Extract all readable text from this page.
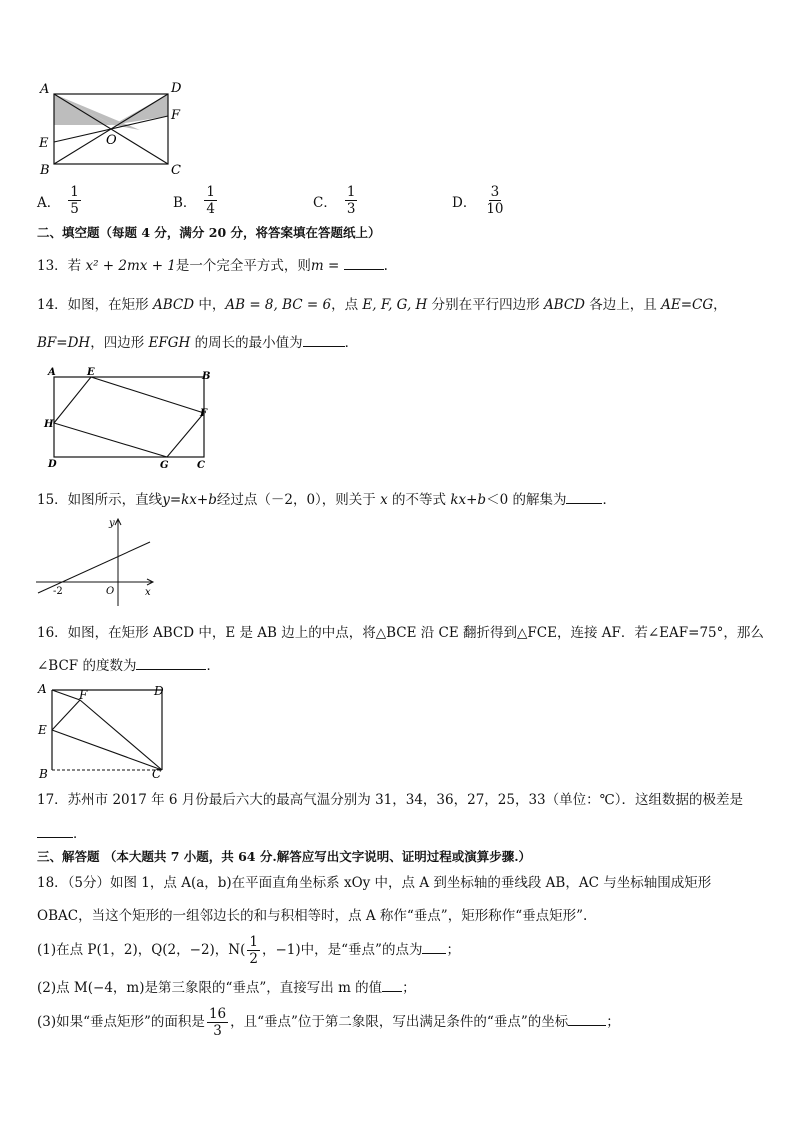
A	D
F
E	O
B	C
A． $\frac{1}{5}$	B． $\frac{1}{4}$	C． $\frac{1}{3}$	D． $\frac{3}{10}$
二、填空题（每题 4 分，满分 20 分，将答案填在答题纸上）
13．若 x² + 2mx + 1是一个完全平方式，则m =	.
14．如图，在矩形 ABCD 中，AB = 8, BC = 6，点 E, F, G, H 分别在平行四边形 ABCD 各边上，且 AE=CG，
BF=DH，四边形 EFGH 的周长的最小值为	．
A	E	B
F
H
D	G	C
15．如图所示，直线y=kx+b经过点（－2，0），则关于 x 的不等式 kx+b＜0 的解集为	．
y
x
O
-2
16．如图，在矩形 ABCD 中，E 是 AB 边上的中点，将△BCE 沿 CE 翻折得到△FCE，连接 AF．若∠EAF=75°，那么
∠BCF 的度数为	．
A	F	D
E
B	C
17．苏州市 2017 年 6 月份最后六大的最高气温分别为 31，34，36，27，25，33（单位：℃）．这组数据的极差是
．
三、解答题 （本大题共 7 小题，共 64 分.解答应写出文字说明、证明过程或演算步骤.）
18．（5分）如图 1，点 A(a，b)在平面直角坐标系 xOy 中，点 A 到坐标轴的垂线段 AB，AC 与坐标轴围成矩形
OBAC，当这个矩形的一组邻边长的和与积相等时，点 A 称作“垂点”，矩形称作“垂点矩形”.
(1)在点 P(1，2)，Q(2，−2)，$N( \frac{1}{2}$ ，−1)中，是“垂点”的点为 ；
(2)点 M(−4，m)是第三象限的“垂点”，直接写出 m 的值 ；
(3)如果“垂点矩形”的面积是 $\frac{16}{3}$ ，且“垂点”位于第二象限，写出满足条件的“垂点”的坐标	；
